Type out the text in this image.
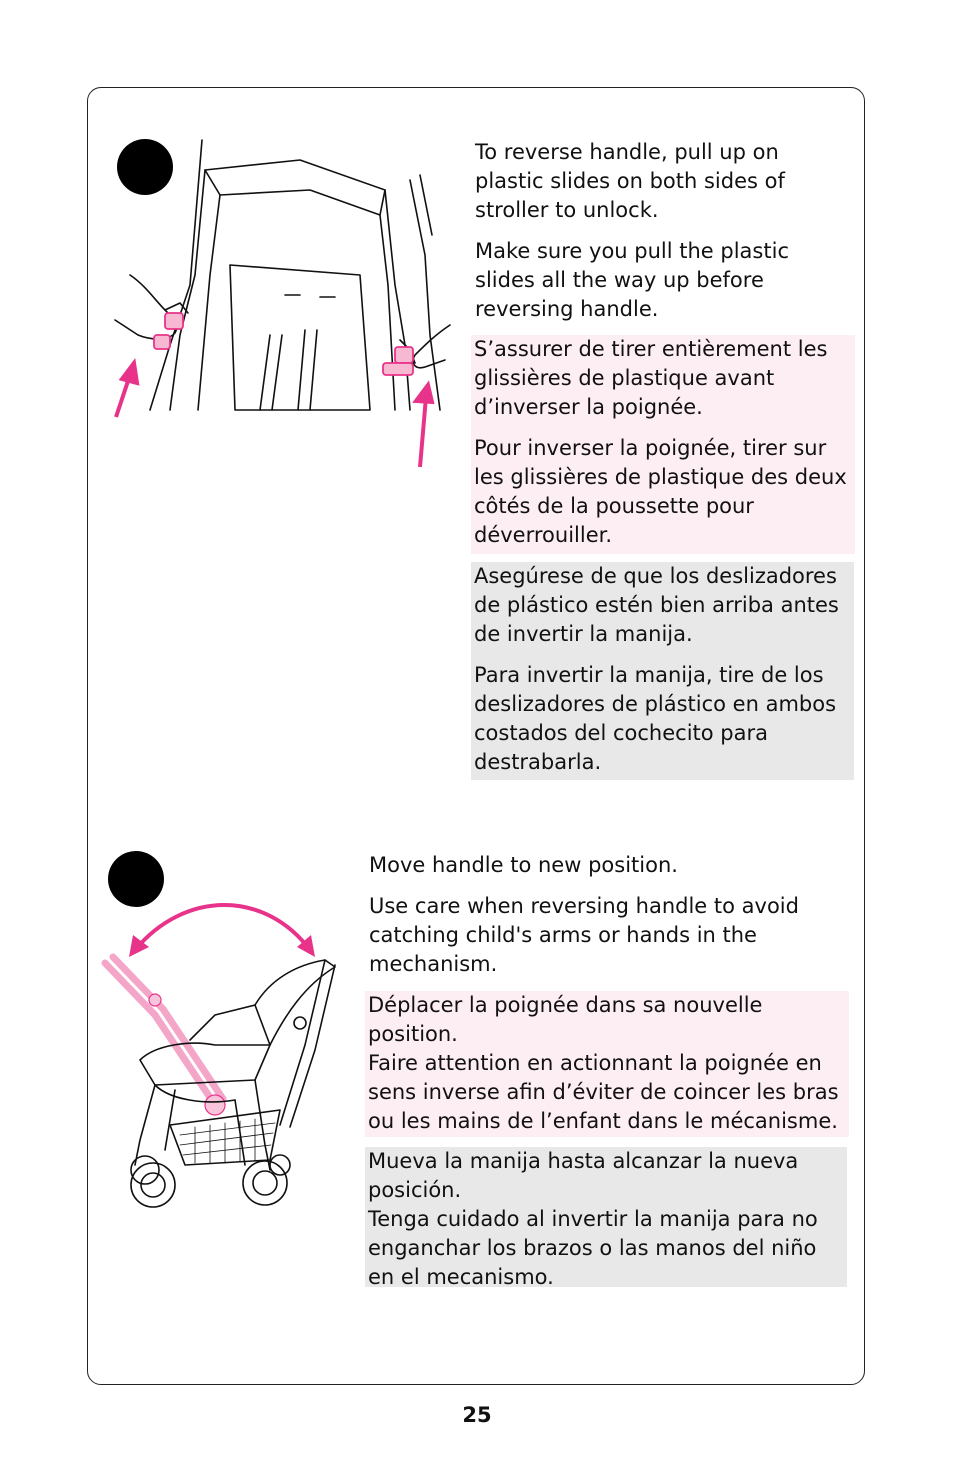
To reverse handle, pull up on plastic slides on both sides of stroller to unlock.

Make sure you pull the plastic slides all the way up before reversing handle.

S’assurer de tirer entièrement les glissières de plastique avant d’inverser la poignée.

Pour inverser la poignée, tirer sur les glissières de plastique des deux côtés de la poussette pour déverrouiller.

Asegúrese de que los deslizadores de plástico estén bien arriba antes de invertir la manija.

Para invertir la manija, tire de los deslizadores de plástico en ambos costados del cochecito para destrabarla.

Move handle to new position.

Use care when reversing handle to avoid catching child's arms or hands in the mechanism.

Déplacer la poignée dans sa nouvelle position.
Faire attention en actionnant la poignée en sens inverse afin d’éviter de coincer les bras ou les mains de l’enfant dans le mécanisme.
Mueva la manija hasta alcanzar la nueva posición.
Tenga cuidado al invertir la manija para no enganchar los brazos o las manos del niño en el mecanismo.
25
